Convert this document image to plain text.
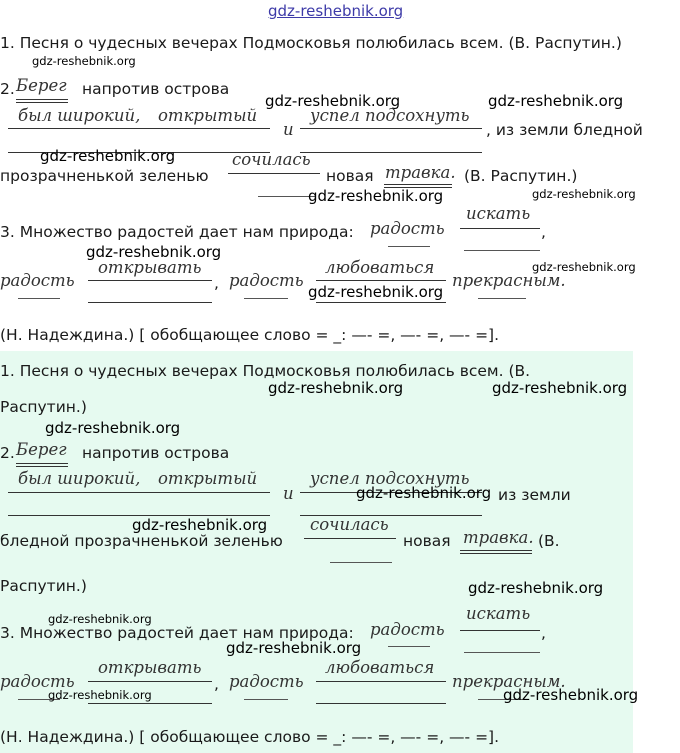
gdz-reshebnik.org
1. Песня о чудесных вечерах Подмосковья полюбилась всем. (В. Распутин.)
gdz-reshebnik.org
2. Берег напротив острова
gdz-reshebnik.org	gdz-reshebnik.org
был широкий, открытый
и
успел подсохнуть
, из земли бледной
gdz-reshebnik.org	сочилась
прозрачненькой зеленью	новая травка. (В. Распутин.)
gdz-reshebnik.org	gdz-reshebnik.org
искать
3. Множество радостей дает нам природа: радость	,
gdz-reshebnik.org
открывать	любоваться	gdz-reshebnik.org
радость	, радость
gdz-reshebnik.org
прекрасным.
(Н. Надеждина.) [ обобщающее слово = _: —- =, —- =, —- =].
1. Песня о чудесных вечерах Подмосковья полюбилась всем. (В.
gdz-reshebnik.org	gdz-reshebnik.org
Распутин.)
gdz-reshebnik.org
2. Берег напротив острова
был широкий, открытый
и
успел подсохнуть
gdz-reshebnik.org из земли
gdz-reshebnik.org	сочилась
бледной прозрачненькой зеленью	новая травка. (В.
Распутин.)	gdz-reshebnik.org
искать
gdz-reshebnik.org
3. Множество радостей дает нам природа: радость	,
gdz-reshebnik.org
открывать	любоваться
радость
gdz-reshebnik.org
, радость	прекрасным.
gdz-reshebnik.org
(Н. Надеждина.) [ обобщающее слово = _: —- =, —- =, —- =].
